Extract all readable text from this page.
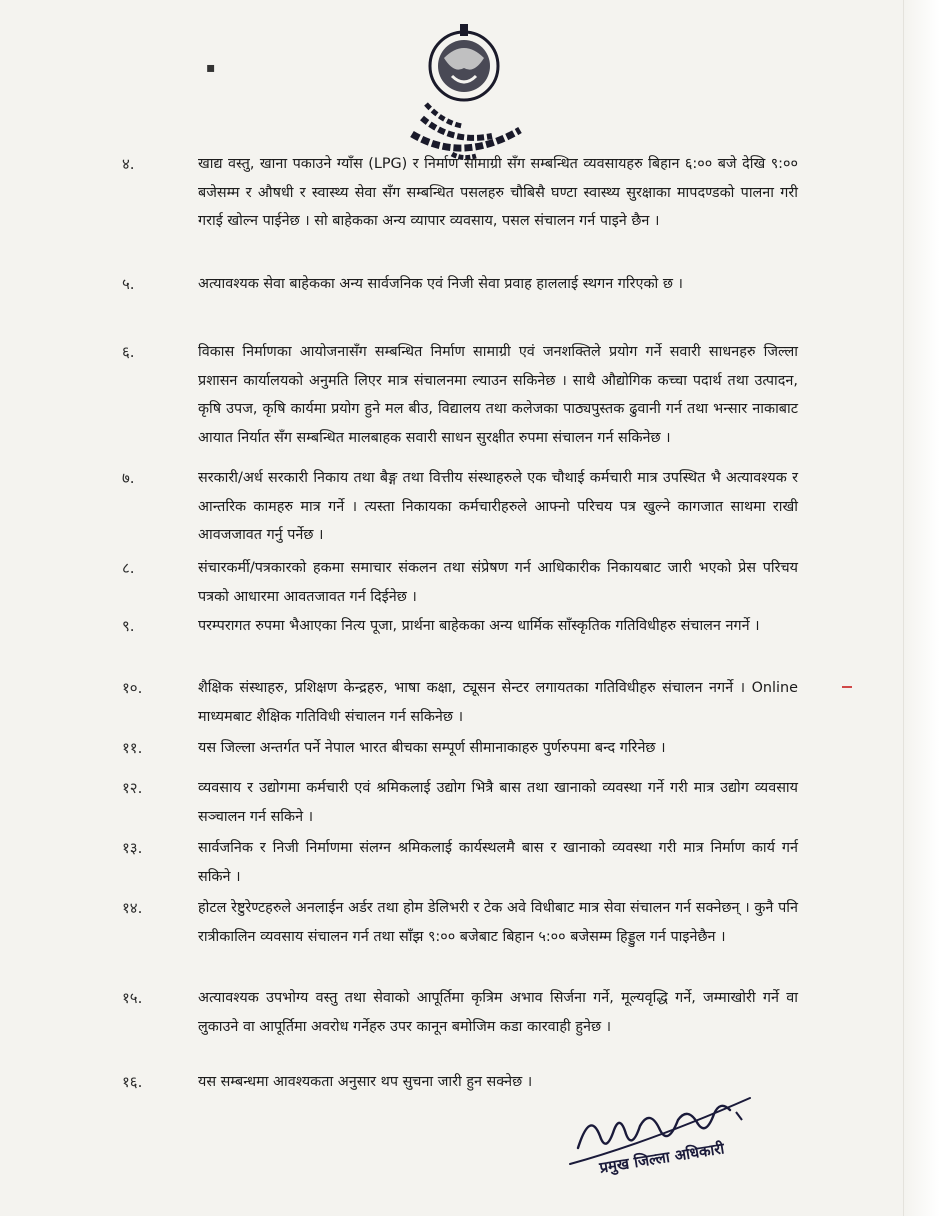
▪
४.	खाद्य वस्तु, खाना पकाउने ग्याँस (LPG) र निर्माण सामाग्री सँग सम्बन्धित व्यवसायहरु बिहान ६:०० बजे देखि ९:०० बजेसम्म र औषधी र स्वास्थ्य सेवा सँग सम्बन्धित पसलहरु चौबिसै घण्टा स्वास्थ्य सुरक्षाका मापदण्डको पालना गरी गराई खोल्न पाईनेछ । सो बाहेकका अन्य व्यापार व्यवसाय, पसल संचालन गर्न पाइने छैन ।
५.	अत्यावश्यक सेवा बाहेकका अन्य सार्वजनिक एवं निजी सेवा प्रवाह हाललाई स्थगन गरिएको छ ।
६.	विकास निर्माणका आयोजनासँग सम्बन्धित निर्माण सामाग्री एवं जनशक्तिले प्रयोग गर्ने सवारी साधनहरु जिल्ला प्रशासन कार्यालयको अनुमति लिएर मात्र संचालनमा ल्याउन सकिनेछ । साथै औद्योगिक कच्चा पदार्थ तथा उत्पादन, कृषि उपज, कृषि कार्यमा प्रयोग हुने मल बीउ, विद्यालय तथा कलेजका पाठ्यपुस्तक ढुवानी गर्न तथा भन्सार नाकाबाट आयात निर्यात सँग सम्बन्धित मालबाहक सवारी साधन सुरक्षीत रुपमा संचालन गर्न सकिनेछ ।
७.	सरकारी/अर्ध सरकारी निकाय तथा बैङ्ग तथा वित्तीय संस्थाहरुले एक चौथाई कर्मचारी मात्र उपस्थित भै अत्यावश्यक र आन्तरिक कामहरु मात्र गर्ने । त्यस्ता निकायका कर्मचारीहरुले आफ्नो परिचय पत्र खुल्ने कागजात साथमा राखी आवजजावत गर्नु पर्नेछ ।
८.	संचारकर्मी/पत्रकारको हकमा समाचार संकलन तथा संप्रेषण गर्न आधिकारीक निकायबाट जारी भएको प्रेस परिचय पत्रको आधारमा आवतजावत गर्न दिईनेछ ।
९.	परम्परागत रुपमा भैआएका नित्य पूजा, प्रार्थना बाहेकका अन्य धार्मिक साँस्कृतिक गतिविधीहरु संचालन नगर्ने ।
१०.	शैक्षिक संस्थाहरु, प्रशिक्षण केन्द्रहरु, भाषा कक्षा, ट्यूसन सेन्टर लगायतका गतिविधीहरु संचालन नगर्ने । Online माध्यमबाट शैक्षिक गतिविधी संचालन गर्न सकिनेछ ।
११.	यस जिल्ला अन्तर्गत पर्ने नेपाल भारत बीचका सम्पूर्ण सीमानाकाहरु पुर्णरुपमा बन्द गरिनेछ ।
१२.	व्यवसाय र उद्योगमा कर्मचारी एवं श्रमिकलाई उद्योग भित्रै बास तथा खानाको व्यवस्था गर्ने गरी मात्र उद्योग व्यवसाय सञ्चालन गर्न सकिने ।
१३.	सार्वजनिक र निजी निर्माणमा संलग्न श्रमिकलाई कार्यस्थलमै बास र खानाको व्यवस्था गरी मात्र निर्माण कार्य गर्न सकिने ।
१४.	होटल रेष्टुरेण्टहरुले अनलाईन अर्डर तथा होम डेलिभरी र टेक अवे विधीबाट मात्र सेवा संचालन गर्न सक्नेछन् । कुनै पनि रात्रीकालिन व्यवसाय संचालन गर्न तथा साँझ ९:०० बजेबाट बिहान ५:०० बजेसम्म हिड्डुल गर्न पाइनेछैन ।
१५.	अत्यावश्यक उपभोग्य वस्तु तथा सेवाको आपूर्तिमा कृत्रिम अभाव सिर्जना गर्ने, मूल्यवृद्धि गर्ने, जम्माखोरी गर्ने वा लुकाउने वा आपूर्तिमा अवरोध गर्नेहरु उपर कानून बमोजिम कडा कारवाही हुनेछ ।
१६.	यस सम्बन्धमा आवश्यकता अनुसार थप सुचना जारी हुन सक्नेछ ।
प्रमुख जिल्ला अधिकारी
